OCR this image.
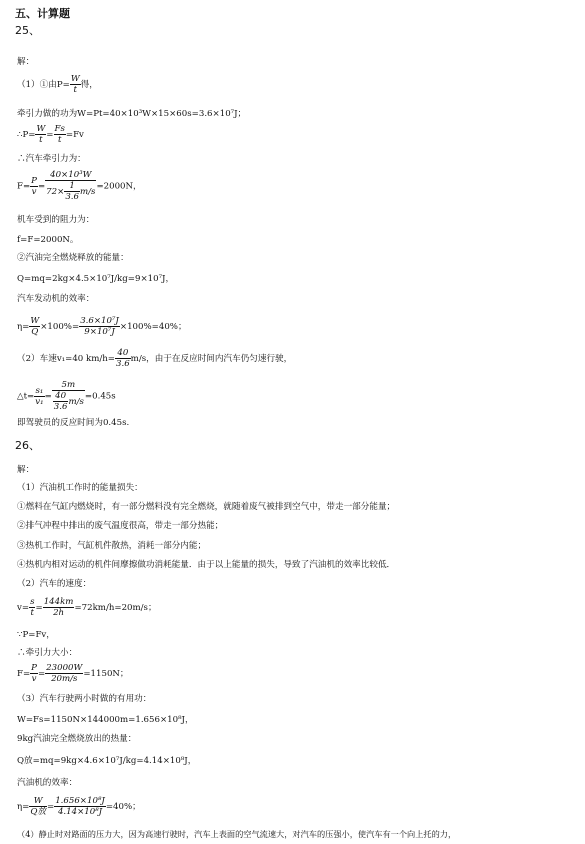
五、计算题
25、
解：
（1）①由$P= \frac{W}{t}$ 得，
牵引力做的功为W=Pt=40×10³W×15×60s=3.6×10⁷J；
∴P= $\frac{W}{t} = \frac{Fs}{t} =Fv$
∴汽车牵引力为：
$F= \frac{P}{v} = \frac{\text{40×10³W}}{72\times \frac{1}{3.6} m/s} =2000N$，
机车受到的阻力为：
f=F=2000N。
②汽油完全燃烧释放的能量：
Q=mq=2kg×4.5×10⁷J/kg=9×10⁷J，
汽车发动机的效率：
$\eta= \frac{W}{Q} \times 100\%= \frac{\text{3.6×10⁷J}}{\text{9×10⁷J}} \times 100\%=40\%$；
（2）车速v₁=40 $km/h= \frac{40}{3.6} m/s$，由于在反应时间内汽车仍匀速行驶，
△t= $\frac{\text{s₁}}{\text{v₁}} = \frac{5m}{\frac{40}{3.6} m/s} =0.45s$
即驾驶员的反应时间为0.45s.
26、
解：
（1）汽油机工作时的能量损失：
①燃料在气缸内燃烧时，有一部分燃料没有完全燃烧，就随着废气被排到空气中，带走一部分能量；
②排气冲程中排出的废气温度很高，带走一部分热能；
③热机工作时，气缸机件散热，消耗一部分内能；
④热机内相对运动的机件间摩擦做功消耗能量．由于以上能量的损失，导致了汽油机的效率比较低．
（2）汽车的速度：
$v= \frac{s}{t} = \frac{144km}{2h} =72km/h=20m/s$；
∵P=Fv，
∴牵引力大小：
$F= \frac{P}{v} = \frac{23000W}{20m/s} =1150N$；
（3）汽车行驶两小时做的有用功：
W=Fs=1150N×144000m=1.656×10⁸J，
9kg汽油完全燃烧放出的热量：
Q放=mq=9kg×4.6×10⁷J/kg=4.14×10⁸J，
汽油机的效率：
$\eta= \frac{W}{\text{Q放}} = \frac{\text{1.656×10⁸J}}{\text{4.14×10⁸J}} =40\%$；
（4）静止时对路面的压力大，因为高速行驶时，汽车上表面的空气流速大，对汽车的压强小，使汽车有一个向上托的力，
